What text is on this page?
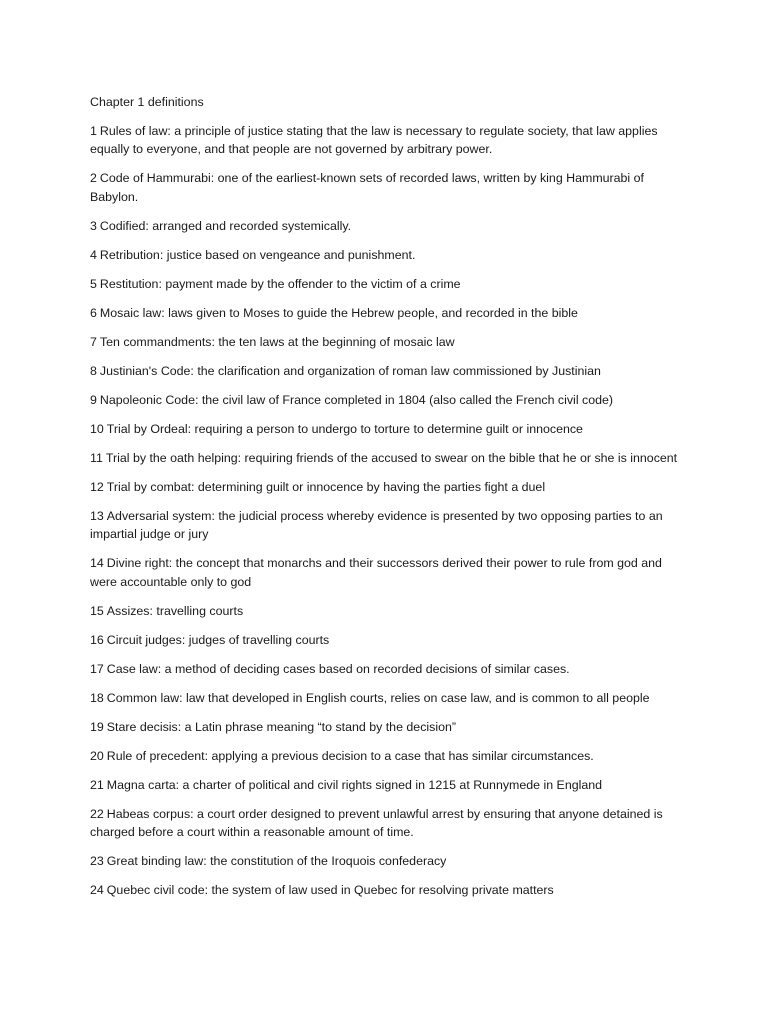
Chapter 1 definitions

1 Rules of law: a principle of justice stating that the law is necessary to regulate society, that law applies equally to everyone, and that people are not governed by arbitrary power.

2 Code of Hammurabi: one of the earliest-known sets of recorded laws, written by king Hammurabi of Babylon.

3 Codified: arranged and recorded systemically.

4 Retribution: justice based on vengeance and punishment.

5 Restitution: payment made by the offender to the victim of a crime

6 Mosaic law: laws given to Moses to guide the Hebrew people, and recorded in the bible

7 Ten commandments: the ten laws at the beginning of mosaic law

8 Justinian's Code: the clarification and organization of roman law commissioned by Justinian

9 Napoleonic Code: the civil law of France completed in 1804 (also called the French civil code)

10 Trial by Ordeal: requiring a person to undergo to torture to determine guilt or innocence

11 Trial by the oath helping: requiring friends of the accused to swear on the bible that he or she is innocent

12 Trial by combat: determining guilt or innocence by having the parties fight a duel

13 Adversarial system: the judicial process whereby evidence is presented by two opposing parties to an impartial judge or jury

14 Divine right: the concept that monarchs and their successors derived their power to rule from god and were accountable only to god

15 Assizes: travelling courts

16 Circuit judges: judges of travelling courts

17 Case law: a method of deciding cases based on recorded decisions of similar cases.

18 Common law: law that developed in English courts, relies on case law, and is common to all people

19 Stare decisis: a Latin phrase meaning “to stand by the decision”

20 Rule of precedent: applying a previous decision to a case that has similar circumstances.

21 Magna carta: a charter of political and civil rights signed in 1215 at Runnymede in England

22 Habeas corpus: a court order designed to prevent unlawful arrest by ensuring that anyone detained is charged before a court within a reasonable amount of time.

23 Great binding law: the constitution of the Iroquois confederacy

24 Quebec civil code: the system of law used in Quebec for resolving private matters
